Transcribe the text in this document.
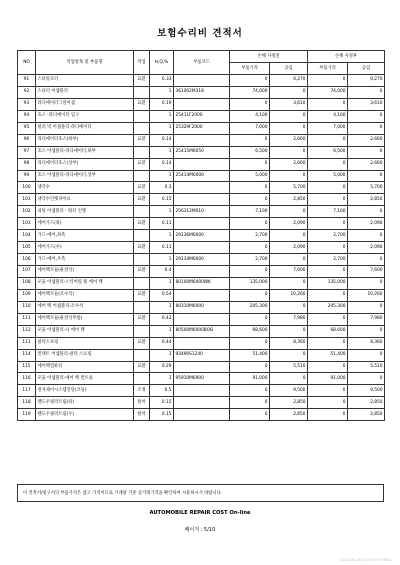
보험수리비 견적서
NO	작업항목 및 부품명	작업	H,Q,%	부품코드	손해 사정전		손해 사정후	
					부품가격	공임	부품가격	공임
91	스타팅모터	교환	0.33		0	0,270	0	0,270
92	스타터 어셈블리		1	361002M318	74,000	0	74,000	0
93	라디에이터그릴어셈	교환	0.19		0	3,610	0	3,610
94	호스 -라디에이터 입구		1	25411F2000	4,100	0	4,100	0
95	필러 넥 어셈블리-라디에이터		1	25329F2000	7,000	0	7,000	0
96	라디에이터호스(하부)	교환	0.14		0	2,660	0	2,660
97	호스 어셈블리-라디에이터,하부		1	25415M6050	6,500	0	6,500	0
98	라디에이터호스(상부)	교환	0.14		0	2,660	0	2,660
99	호스 어셈블리-라디에이터,상부		1	25414M6000	5,000	0	5,000	0
100	냉각수	교환	0.3		0	5,700	0	5,700
101	냉각수인렛파이프	교환	0.15		0	2,850	0	2,850
102	피팅 어셈블리 - 워터 인렛		1	256312M010	7,100	0	7,100	0
103	에어가드(좌)	교환	0.11		0	2,090	0	2,090
104	가드-에어,좌측		1	29136M6000	2,700	0	2,700	0
105	에어가드(우)	교환	0.11		0	2,090	0	2,090
106	가드-에어,우측		1	29134M6000	2,700	0	2,700	0
107	에어백모듈(운전석)	교환	0.4		0	7,600	0	7,600
108	모듈 어셈블리-스티어링 휠 에어 백		1	80100M6400WK	135,000	0	135,000	0
109	에어백모듈(조수석)	교환	0.54		0	10,260	0	10,260
110	에어 백 어셈블리-조수석		1	80310M6000	205,300	0	205,300	0
111	에어백모듈(운전석무릎)	교환	0.42		0	7,980	0	7,980
112	모듈 어셈블리-니 에어 백		1	80500M6000BOB	68,600	0	68,600	0
113	클럭스프링	교환	0.44		0	8,360	0	8,360
114	컨택트 어셈블리-클럭 스프링		1	93490S1240	51,400	0	51,400	0
115	에어백컴퓨터	교환	0.29		0	5,510	0	5,510
116	모듈 어셈블리-에어 백 컨트롤		1	95910M6900	91,000	0	91,000	0
117	전자제어시스템진단(코딩)	조정	0.5		0	9,500	0	9,500
118	펜도우필러트림(좌)	탈착	0.15		0	2,850	0	2,850
119	펜도우필러트림(우)	탈착	0.15		0	2,850	0	2,850
이 견적서/청구서의 부품가격은 참고 가격이므로 거래될 기준 실거래가격을 확인하여 사용하시기 바랍니다.
AUTOMOBILE REPAIR COST On-line
페이지 : 5/10
2023-06-13 14:05:35 570621
